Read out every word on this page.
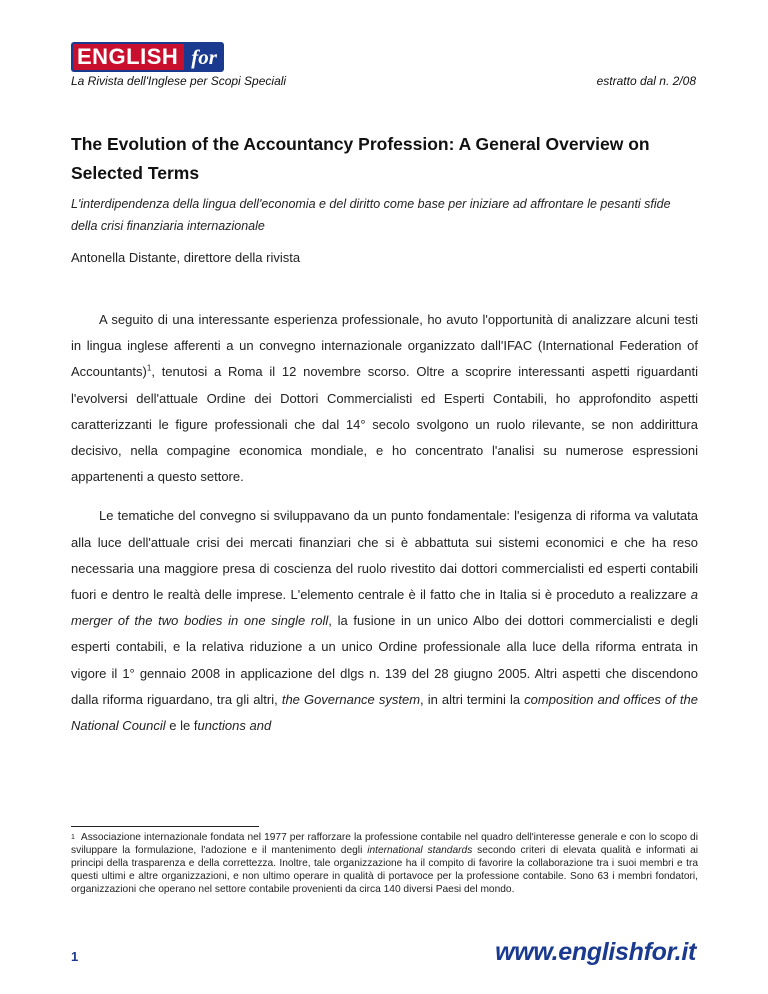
ENGLISH for
La Rivista dell'Inglese per Scopi Speciali	estratto dal n. 2/08
The Evolution of the Accountancy Profession: A General Overview on Selected Terms
L'interdipendenza della lingua dell'economia e del diritto come base per iniziare ad affrontare le pesanti sfide della crisi finanziaria internazionale
Antonella Distante, direttore della rivista

A seguito di una interessante esperienza professionale, ho avuto l'opportunità di analizzare alcuni testi in lingua inglese afferenti a un convegno internazionale organizzato dall'IFAC (International Federation of Accountants)$^1$, tenutosi a Roma il 12 novembre scorso. Oltre a scoprire interessanti aspetti riguardanti l'evolversi dell'attuale Ordine dei Dottori Commercialisti ed Esperti Contabili, ho approfondito aspetti caratterizzanti le figure professionali che dal 14° secolo svolgono un ruolo rilevante, se non addirittura decisivo, nella compagine economica mondiale, e ho concentrato l'analisi su numerose espressioni appartenenti a questo settore.

Le tematiche del convegno si sviluppavano da un punto fondamentale: l'esigenza di riforma va valutata alla luce dell'attuale crisi dei mercati finanziari che si è abbattuta sui sistemi economici e che ha reso necessaria una maggiore presa di coscienza del ruolo rivestito dai dottori commercialisti ed esperti contabili fuori e dentro le realtà delle imprese. L'elemento centrale è il fatto che in Italia si è proceduto a realizzare a merger of the two bodies in one single roll, la fusione in un unico Albo dei dottori commercialisti e degli esperti contabili, e la relativa riduzione a un unico Ordine professionale alla luce della riforma entrata in vigore il 1° gennaio 2008 in applicazione del dlgs n. 139 del 28 giugno 2005. Altri aspetti che discendono dalla riforma riguardano, tra gli altri, the Governance system, in altri termini la composition and offices of the National Council e le functions and

$^1$ Associazione internazionale fondata nel 1977 per rafforzare la professione contabile nel quadro dell'interesse generale e con lo scopo di sviluppare la formulazione, l'adozione e il mantenimento degli international standards secondo criteri di elevata qualità e informati ai principi della trasparenza e della correttezza. Inoltre, tale organizzazione ha il compito di favorire la collaborazione tra i suoi membri e tra questi ultimi e altre organizzazioni, e non ultimo operare in qualità di portavoce per la professione contabile. Sono 63 i membri fondatori, organizzazioni che operano nel settore contabile provenienti da circa 140 diversi Paesi del mondo.
1	www.englishfor.it
